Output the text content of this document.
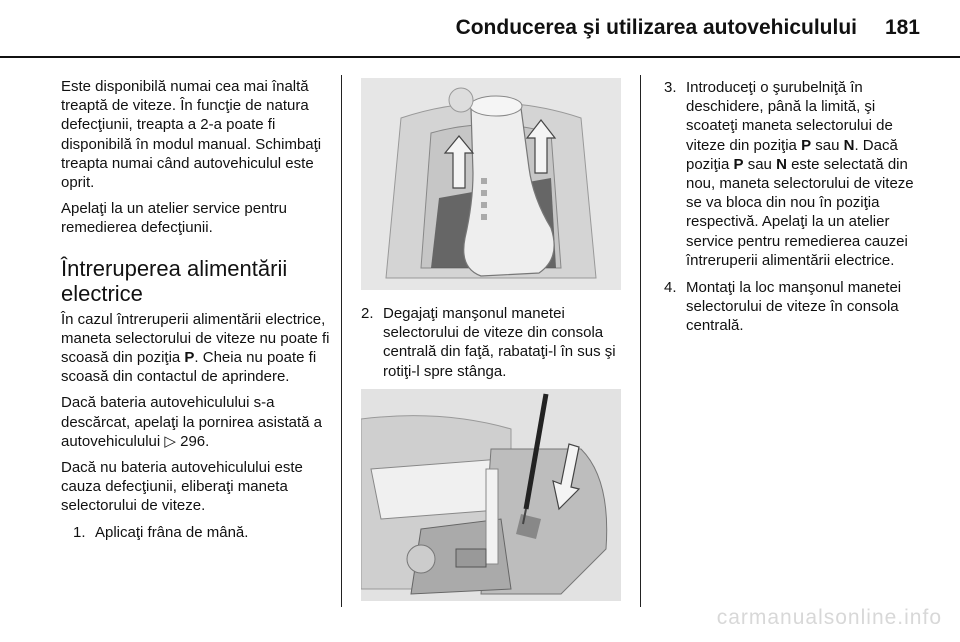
Conducerea şi utilizarea autovehiculului 181

Este disponibilă numai cea mai înaltă treaptă de viteze. În funcţie de natura defecţiunii, treapta a 2-a poate fi disponibilă în modul manual. Schimbaţi treapta numai când autovehiculul este oprit.

Apelaţi la un atelier service pentru remedierea defecţiunii.

Întreruperea alimentării electrice

În cazul întreruperii alimentării electrice, maneta selectorului de viteze nu poate fi scoasă din poziţia P. Cheia nu poate fi scoasă din contactul de aprindere.

Dacă bateria autovehiculului s-a descărcat, apelaţi la pornirea asistată a autovehiculului ▷ 296.

Dacă nu bateria autovehiculului este cauza defecţiunii, eliberaţi maneta selectorului de viteze.

1. Aplicaţi frâna de mână.
2. Degajaţi manşonul manetei selectorului de viteze din consola centrală din faţă, rabataţi-l în sus şi rotiţi-l spre stânga.
3. Introduceţi o şurubelniţă în deschidere, până la limită, şi scoateţi maneta selectorului de viteze din poziţia P sau N. Dacă poziţia P sau N este selectată din nou, maneta selectorului de viteze se va bloca din nou în poziţia respectivă. Apelaţi la un atelier service pentru remedierea cauzei întreruperii alimentării electrice.
4. Montaţi la loc manşonul manetei selectorului de viteze în consola centrală.
carmanualsonline.info
